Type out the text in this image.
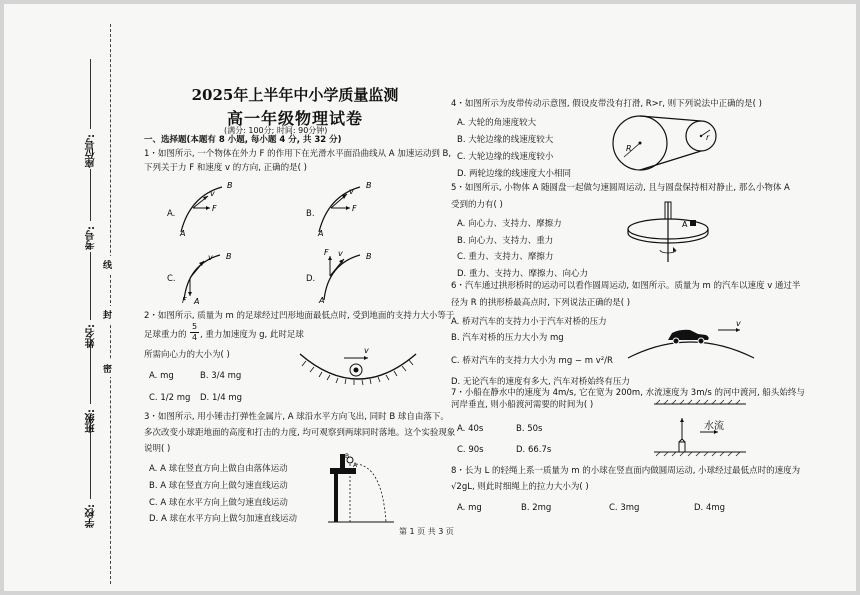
学校:
班级:
姓名:
考号:
座位号:
线
封
密
2025年上半年中小学质量监测
高一年级物理试卷
(满分: 100分; 时间: 90分钟)
一、选择题(本题有 8 小题, 每小题 4 分, 共 32 分)
1・如图所示, 一个物体在外力 F 的作用下在光滑水平面沿曲线从 A 加速运动到 B,
下列关于力 F 和速度 v 的方向, 正确的是( )
A.
B
v
F
A
B.
B
v
F
A
C.
B
v
F A
D.
B
F v
A
2・如图所示, 质量为 m 的足球经过凹形地面最低点时, 受到地面的支持力大小等于
足球重力的 $\frac{5}{4}$ , 重力加速度为 g, 此时足球
所需向心力的大小为( )
A. mg	B. 3/4 mg
C. 1/2 mg D. 1/4 mg
v
3・如图所示, 用小锤击打弹性金属片, A 球沿水平方向飞出, 同时 B 球自由落下。
多次改变小球距地面的高度和打击的力度, 均可观察到两球同时落地。这个实验现象
说明( )
A. A 球在竖直方向上做自由落体运动
B. A 球在竖直方向上做匀速直线运动
C. A 球在水平方向上做匀速直线运动
D. A 球在水平方向上做匀加速直线运动
B
A
4・如图所示为皮带传动示意图, 假设皮带没有打滑, R>r, 则下列说法中正确的是( )
A. 大轮的角速度较大
B. 大轮边缘的线速度较大
C. 大轮边缘的线速度较小
D. 两轮边缘的线速度大小相同
R
r
5・如图所示, 小物体 A 随圆盘一起做匀速圆周运动, 且与圆盘保持相对静止, 那么小物体 A
受到的力有( )
A. 向心力、支持力、摩擦力
B. 向心力、支持力、重力
C. 重力、支持力、摩擦力
D. 重力、支持力、摩擦力、向心力
A
6・汽车通过拱形桥时的运动可以看作圆周运动, 如图所示。质量为 m 的汽车以速度 v 通过半
径为 R 的拱形桥最高点时, 下列说法正确的是( )
A. 桥对汽车的支持力小于汽车对桥的压力
B. 汽车对桥的压力大小为 mg
C. 桥对汽车的支持力大小为 mg − m v²/R
D. 无论汽车的速度有多大, 汽车对桥始终有压力
v
7・小船在静水中的速度为 4m/s, 它在宽为 200m, 水流速度为 3m/s 的河中渡河, 船头始终与
河岸垂直, 则小船渡河需要的时间为( )
A. 40s	B. 50s
C. 90s	D. 66.7s
水流
8・长为 L 的轻绳上系一质量为 m 的小球在竖直面内做圆周运动, 小球经过最低点时的速度为
√2gL, 则此时细绳上的拉力大小为( )
A. mg	B. 2mg	C. 3mg	D. 4mg
第 1 页 共 3 页
